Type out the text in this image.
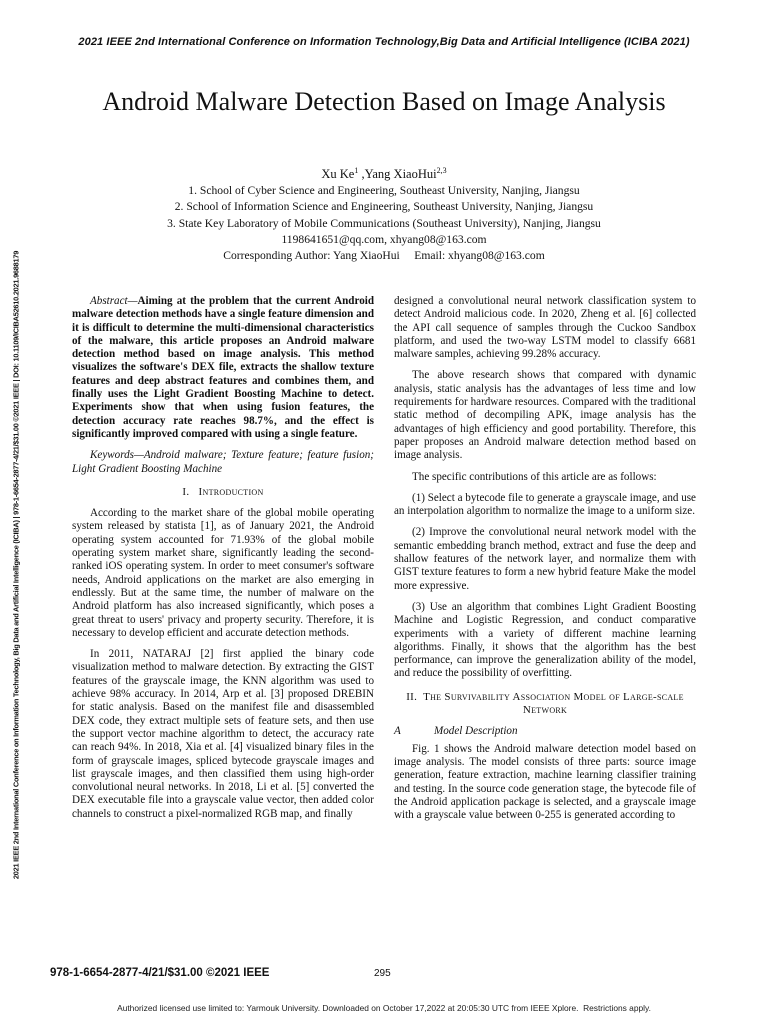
2021 IEEE 2nd International Conference on Information Technology,Big Data and Artificial Intelligence (ICIBA 2021)
2021 IEEE 2nd International Conference on Information Technology, Big Data and Artificial Intelligence (ICIBA) | 978-1-6654-2877-4/21/$31.00 ©2021 IEEE | DOI: 10.1109/ICIBA52610.2021.9688179
Android Malware Detection Based on Image Analysis
Xu Ke$^1$ ,Yang XiaoHui$^{2,3}$
1. School of Cyber Science and Engineering, Southeast University, Nanjing, Jiangsu
2. School of Information Science and Engineering, Southeast University, Nanjing, Jiangsu
3. State Key Laboratory of Mobile Communications (Southeast University), Nanjing, Jiangsu
1198641651@qq.com, xhyang08@163.com
Corresponding Author: Yang XiaoHui     Email: xhyang08@163.com

Abstract—Aiming at the problem that the current Android malware detection methods have a single feature dimension and it is difficult to determine the multi-dimensional characteristics of the malware, this article proposes an Android malware detection method based on image analysis. This method visualizes the software's DEX file, extracts the shallow texture features and deep abstract features and combines them, and finally uses the Light Gradient Boosting Machine to detect. Experiments show that when using fusion features, the detection accuracy rate reaches 98.7%, and the effect is significantly improved compared with using a single feature.

Keywords—Android malware; Texture feature; feature fusion; Light Gradient Boosting Machine

I.   Introduction

According to the market share of the global mobile operating system released by statista [1], as of January 2021, the Android operating system accounted for 71.93% of the global mobile operating system market share, significantly leading the second-ranked iOS operating system. In order to meet consumer's software needs, Android applications on the market are also emerging in endlessly. But at the same time, the number of malware on the Android platform has also increased significantly, which poses a great threat to users' privacy and property security. Therefore, it is necessary to develop efficient and accurate detection methods.

In 2011, NATARAJ [2] first applied the binary code visualization method to malware detection. By extracting the GIST features of the grayscale image, the KNN algorithm was used to achieve 98% accuracy. In 2014, Arp et al. [3] proposed DREBIN for static analysis. Based on the manifest file and disassembled DEX code, they extract multiple sets of feature sets, and then use the support vector machine algorithm to detect, the accuracy rate can reach 94%. In 2018, Xia et al. [4] visualized binary files in the form of grayscale images, spliced bytecode grayscale images and list grayscale images, and then classified them using high-order convolutional neural networks. In 2018, Li et al. [5] converted the DEX executable file into a grayscale value vector, then added color channels to construct a pixel-normalized RGB map, and finally

designed a convolutional neural network classification system to detect Android malicious code. In 2020, Zheng et al. [6] collected the API call sequence of samples through the Cuckoo Sandbox platform, and used the two-way LSTM model to classify 6681 malware samples, achieving 99.28% accuracy.

The above research shows that compared with dynamic analysis, static analysis has the advantages of less time and low requirements for hardware resources. Compared with the traditional static method of decompiling APK, image analysis has the advantages of high efficiency and good portability. Therefore, this paper proposes an Android malware detection method based on image analysis.

The specific contributions of this article are as follows:

(1) Select a bytecode file to generate a grayscale image, and use an interpolation algorithm to normalize the image to a uniform size.

(2) Improve the convolutional neural network model with the semantic embedding branch method, extract and fuse the deep and shallow features of the network layer, and normalize them with GIST texture features to form a new hybrid feature Make the model more expressive.

(3) Use an algorithm that combines Light Gradient Boosting Machine and Logistic Regression, and conduct comparative experiments with a variety of different machine learning algorithms. Finally, it shows that the algorithm has the best performance, can improve the generalization ability of the model, and reduce the possibility of overfitting.

II.  The Survivability Association Model of Large-scale Network
A	Model Description

Fig. 1 shows the Android malware detection model based on image analysis. The model consists of three parts: source image generation, feature extraction, machine learning classifier training and testing. In the source code generation stage, the bytecode file of the Android application package is selected, and a grayscale image with a grayscale value between 0-255 is generated according to

978-1-6654-2877-4/21/$31.00 ©2021 IEEE	295
Authorized licensed use limited to: Yarmouk University. Downloaded on October 17,2022 at 20:05:30 UTC from IEEE Xplore.  Restrictions apply.
